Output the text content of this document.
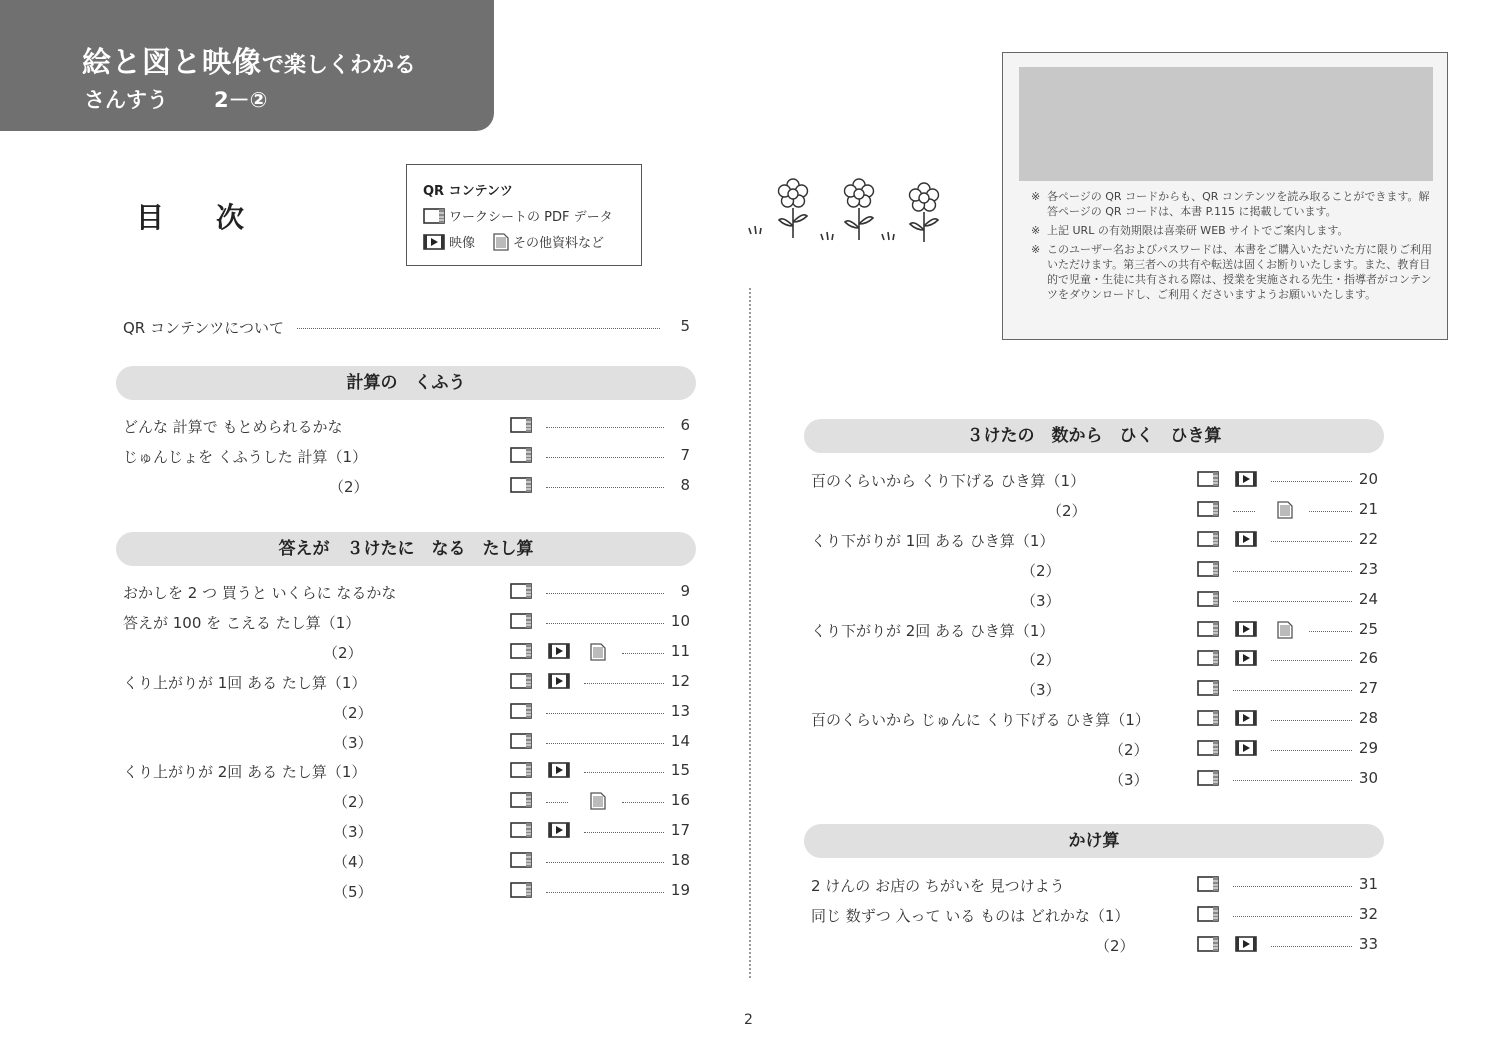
絵と図と映像で楽しくわかる
さんすう 2－②
目 次
QR コンテンツ
ワークシートの PDF データ
映像	その他資料など
※ 各ページの QR コードからも、QR コンテンツを読み取ることができます。解答ページの QR コードは、本書 P.115 に掲載しています。
※ 上記 URL の有効期限は喜楽研 WEB サイトでご案内します。
※ このユーザー名およびパスワードは、本書をご購入いただいた方に限りご利用いただけます。第三者への共有や転送は固くお断りいたします。また、教育目的で児童・生徒に共有される際は、授業を実施される先生・指導者がコンテンツをダウンロードし、ご利用くださいますようお願いいたします。
2
QR コンテンツについて	5
計算の　くふう
どんな 計算で もとめられるかな	6
じゅんじょを くふうした 計算（1）	7
（2）	8
答えが　３けたに　なる　たし算
おかしを 2 つ 買うと いくらに なるかな	9
答えが 100 を こえる たし算（1）	10
（2）	11
くり上がりが 1回 ある たし算（1）	12
（2）	13
（3）	14
くり上がりが 2回 ある たし算（1）	15
（2）	16
（3）	17
（4）	18
（5）	19
３けたの　数から　ひく　ひき算
百のくらいから くり下げる ひき算（1）	20
（2）	21
くり下がりが 1回 ある ひき算（1）	22
（2）	23
（3）	24
くり下がりが 2回 ある ひき算（1）	25
（2）	26
（3）	27
百のくらいから じゅんに くり下げる ひき算（1）	28
（2）	29
（3）	30
かけ算
2 けんの お店の ちがいを 見つけよう	31
同じ 数ずつ 入って いる ものは どれかな（1）	32
（2）	33
